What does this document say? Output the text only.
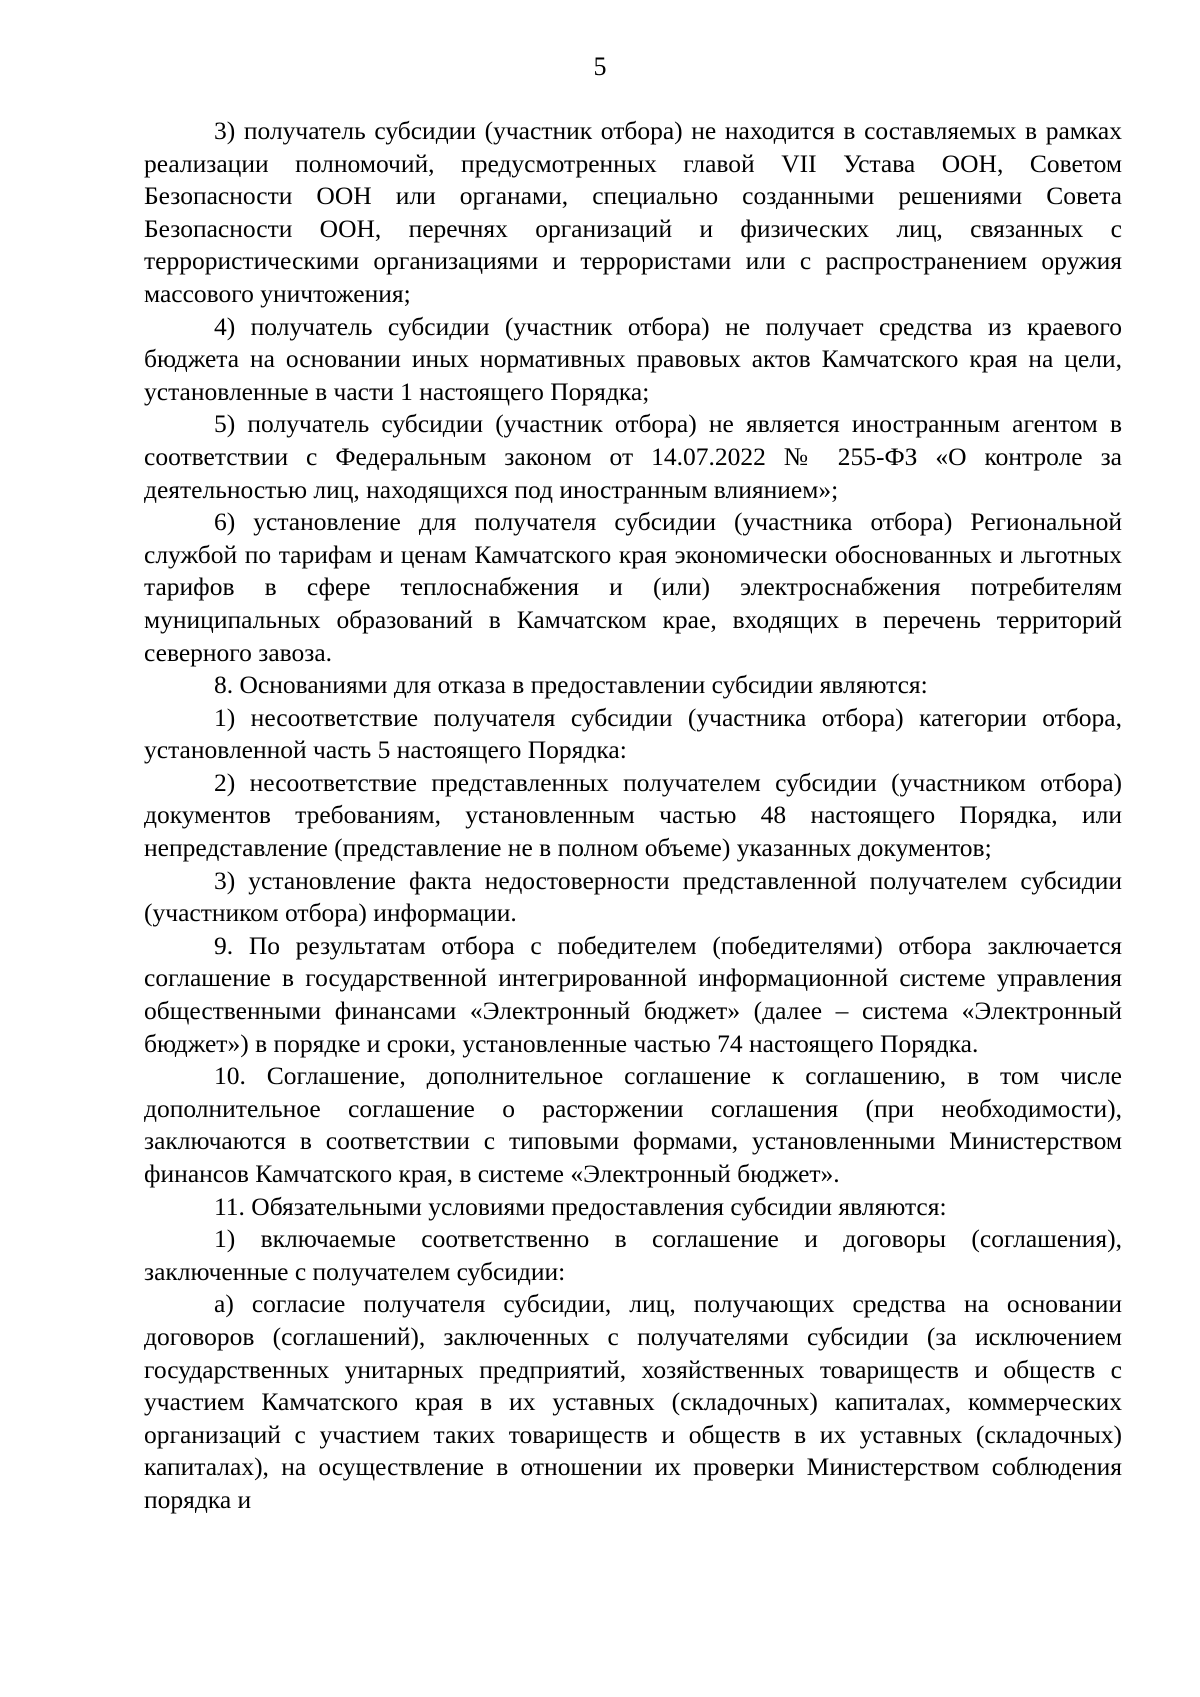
5

3) получатель субсидии (участник отбора) не находится в составляемых в рамках реализации полномочий, предусмотренных главой VII Устава ООН, Советом Безопасности ООН или органами, специально созданными решениями Совета Безопасности ООН, перечнях организаций и физических лиц, связанных с террористическими организациями и террористами или с распространением оружия массового уничтожения;

4) получатель субсидии (участник отбора) не получает средства из краевого бюджета на основании иных нормативных правовых актов Камчатского края на цели, установленные в части 1 настоящего Порядка;

5) получатель субсидии (участник отбора) не является иностранным агентом в соответствии с Федеральным законом от 14.07.2022 № 255-ФЗ «О контроле за деятельностью лиц, находящихся под иностранным влиянием»;

6) установление для получателя субсидии (участника отбора) Региональной службой по тарифам и ценам Камчатского края экономически обоснованных и льготных тарифов в сфере теплоснабжения и (или) электроснабжения потребителям муниципальных образований в Камчатском крае, входящих в перечень территорий северного завоза.

8. Основаниями для отказа в предоставлении субсидии являются:

1) несоответствие получателя субсидии (участника отбора) категории отбора, установленной часть 5 настоящего Порядка:

2) несоответствие представленных получателем субсидии (участником отбора) документов требованиям, установленным частью 48 настоящего Порядка, или непредставление (представление не в полном объеме) указанных документов;

3) установление факта недостоверности представленной получателем субсидии (участником отбора) информации.

9. По результатам отбора с победителем (победителями) отбора заключается соглашение в государственной интегрированной информационной системе управления общественными финансами «Электронный бюджет» (далее – система «Электронный бюджет») в порядке и сроки, установленные частью 74 настоящего Порядка.

10. Соглашение, дополнительное соглашение к соглашению, в том числе дополнительное соглашение о расторжении соглашения (при необходимости), заключаются в соответствии с типовыми формами, установленными Министерством финансов Камчатского края, в системе «Электронный бюджет».

11. Обязательными условиями предоставления субсидии являются:

1) включаемые соответственно в соглашение и договоры (соглашения), заключенные с получателем субсидии:

а) согласие получателя субсидии, лиц, получающих средства на основании договоров (соглашений), заключенных с получателями субсидии (за исключением государственных унитарных предприятий, хозяйственных товариществ и обществ с участием Камчатского края в их уставных (складочных) капиталах, коммерческих организаций с участием таких товариществ и обществ в их уставных (складочных) капиталах), на осуществление в отношении их проверки Министерством соблюдения порядка и
